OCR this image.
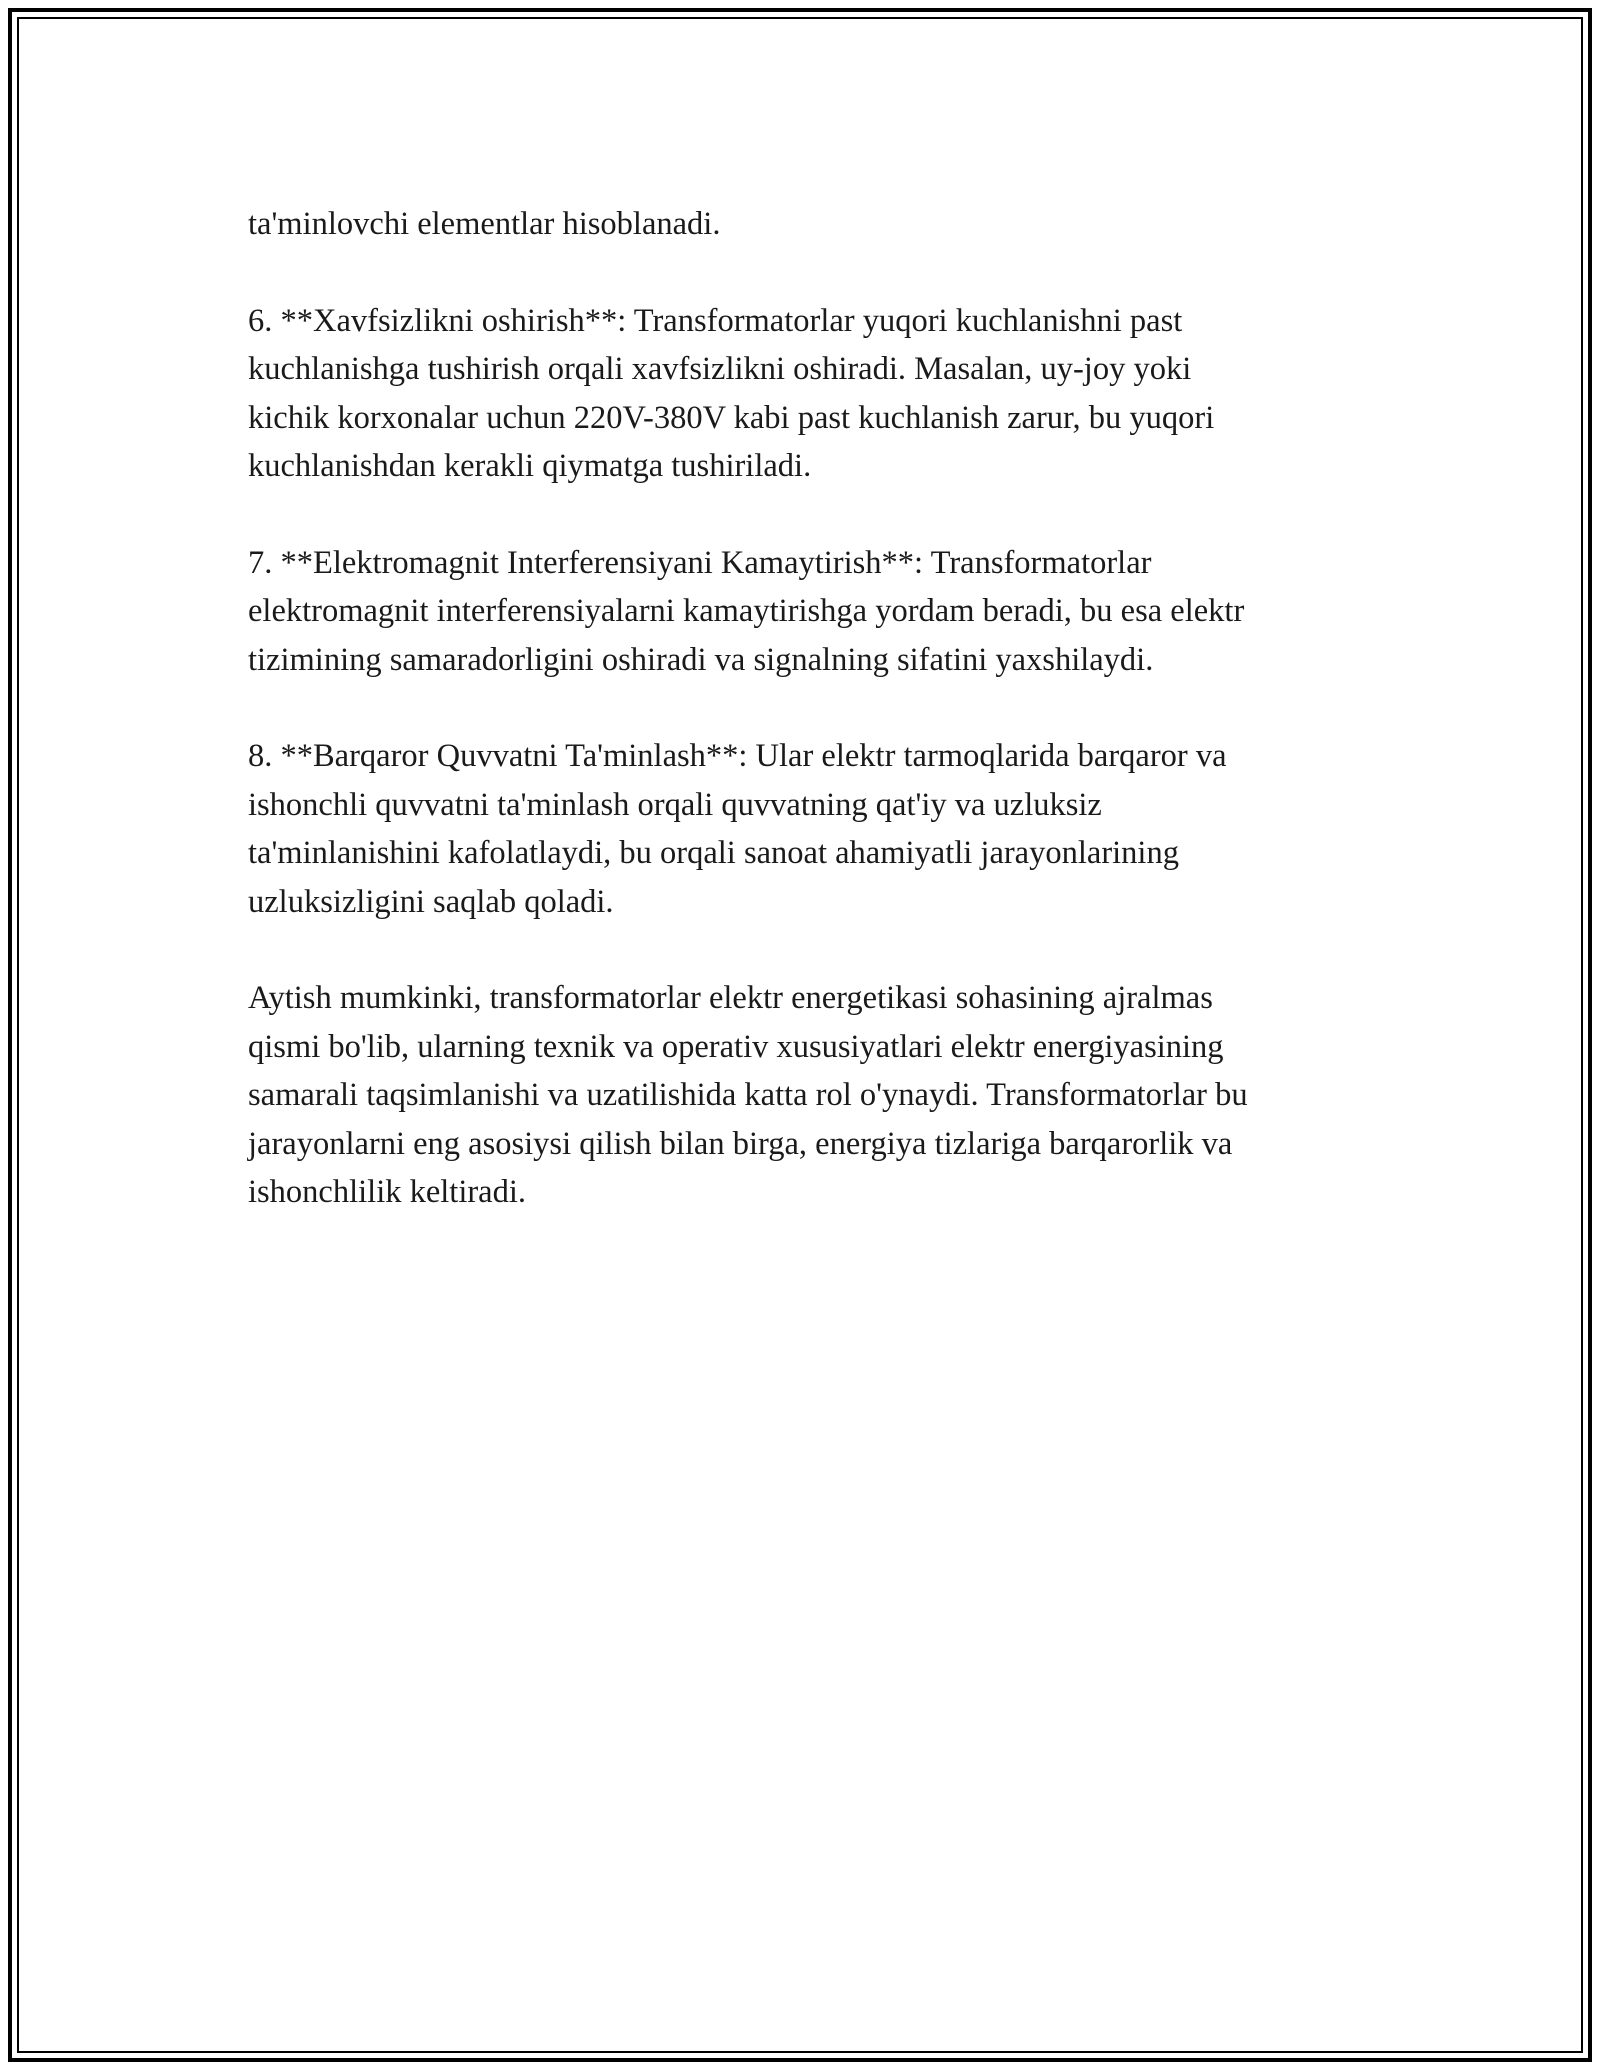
ta'minlovchi elementlar hisoblanadi.

6. **Xavfsizlikni oshirish**: Transformatorlar yuqori kuchlanishni past
kuchlanishga tushirish orqali xavfsizlikni oshiradi. Masalan, uy-joy yoki
kichik korxonalar uchun 220V-380V kabi past kuchlanish zarur, bu yuqori
kuchlanishdan kerakli qiymatga tushiriladi.

7. **Elektromagnit Interferensiyani Kamaytirish**: Transformatorlar
elektromagnit interferensiyalarni kamaytirishga yordam beradi, bu esa elektr
tizimining samaradorligini oshiradi va signalning sifatini yaxshilaydi.

8. **Barqaror Quvvatni Ta'minlash**: Ular elektr tarmoqlarida barqaror va
ishonchli quvvatni ta'minlash orqali quvvatning qat'iy va uzluksiz
ta'minlanishini kafolatlaydi, bu orqali sanoat ahamiyatli jarayonlarining
uzluksizligini saqlab qoladi.

Aytish mumkinki, transformatorlar elektr energetikasi sohasining ajralmas
qismi bo'lib, ularning texnik va operativ xususiyatlari elektr energiyasining
samarali taqsimlanishi va uzatilishida katta rol o'ynaydi. Transformatorlar bu
jarayonlarni eng asosiysi qilish bilan birga, energiya tizlariga barqarorlik va
ishonchlilik keltiradi.
